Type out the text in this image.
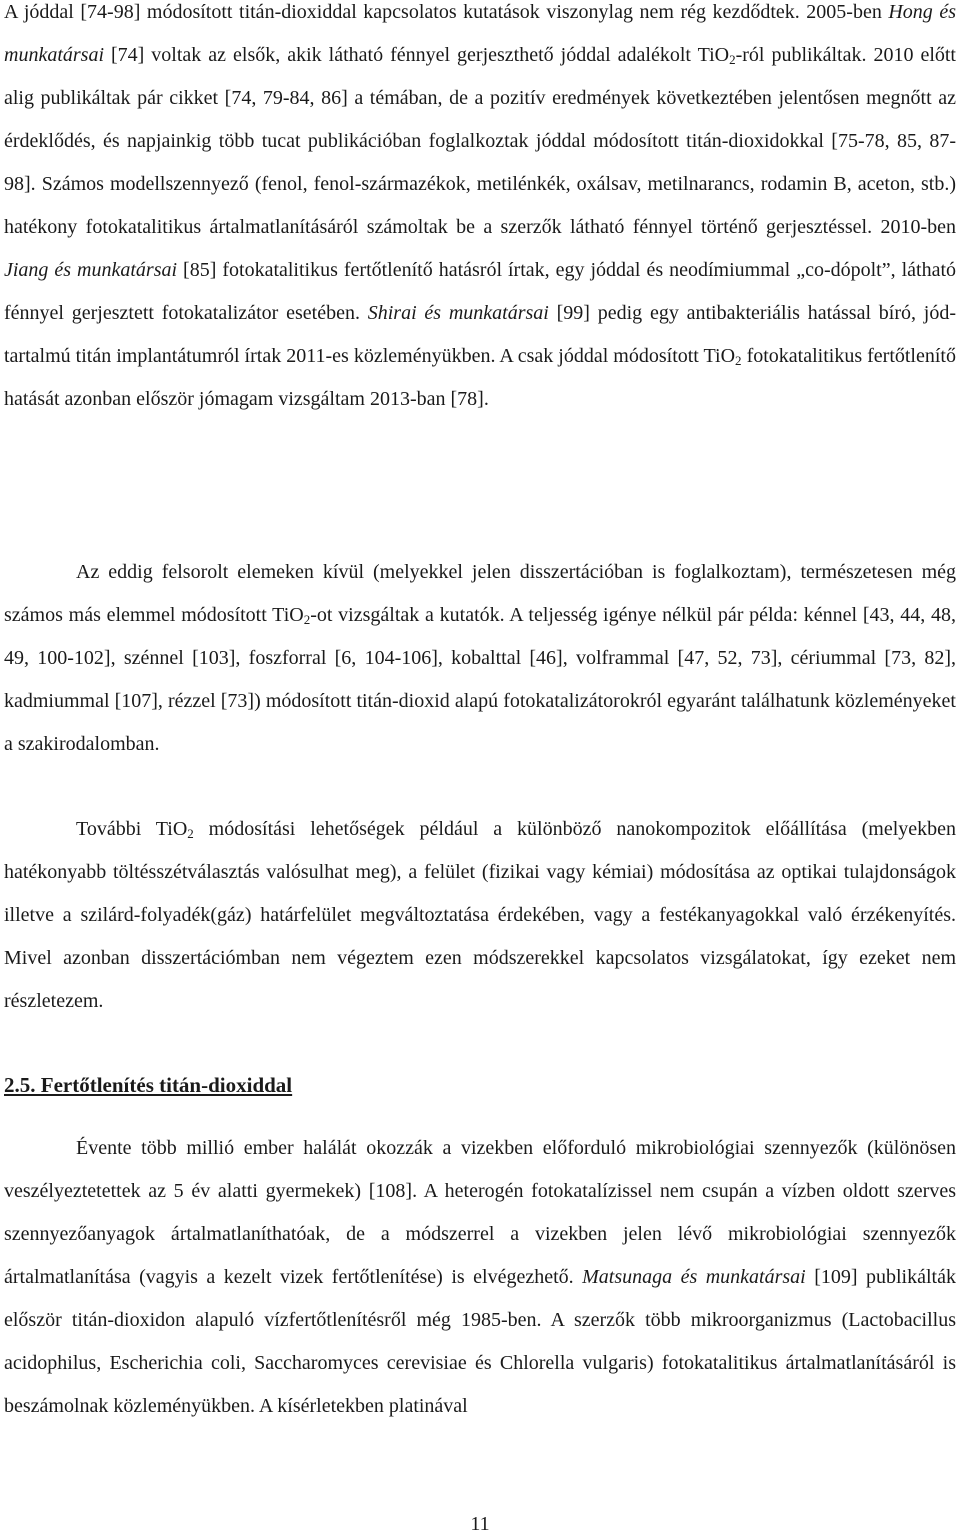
A jóddal [74-98] módosított titán-dioxiddal kapcsolatos kutatások viszonylag nem rég kezdődtek. 2005-ben Hong és munkatársai [74] voltak az elsők, akik látható fénnyel gerjeszthető jóddal adalékolt TiO$_2$-ról publikáltak. 2010 előtt alig publikáltak pár cikket [74, 79-84, 86] a témában, de a pozitív eredmények következtében jelentősen megnőtt az érdeklődés, és napjainkig több tucat publikációban foglalkoztak jóddal módosított titán-dioxidokkal [75-78, 85, 87-98]. Számos modellszennyező (fenol, fenol-származékok, metilénkék, oxálsav, metilnarancs, rodamin B, aceton, stb.) hatékony fotokatalitikus ártalmatlanításáról számoltak be a szerzők látható fénnyel történő gerjesztéssel. 2010-ben Jiang és munkatársai [85] fotokatalitikus fertőtlenítő hatásról írtak, egy jóddal és neodímiummal „co-dópolt”, látható fénnyel gerjesztett fotokatalizátor esetében. Shirai és munkatársai [99] pedig egy antibakteriális hatással bíró, jód-tartalmú titán implantátumról írtak 2011-es közleményükben. A csak jóddal módosított TiO$_2$ fotokatalitikus fertőtlenítő hatását azonban először jómagam vizsgáltam 2013-ban [78].

Az eddig felsorolt elemeken kívül (melyekkel jelen disszertációban is foglalkoztam), természetesen még számos más elemmel módosított TiO$_2$-ot vizsgáltak a kutatók. A teljesség igénye nélkül pár példa: kénnel [43, 44, 48, 49, 100-102], szénnel [103], foszforral [6, 104-106], kobalttal [46], volframmal [47, 52, 73], cériummal [73, 82], kadmiummal [107], rézzel [73]) módosított titán-dioxid alapú fotokatalizátorokról egyaránt találhatunk közleményeket a szakirodalomban.

További TiO$_2$ módosítási lehetőségek például a különböző nanokompozitok előállítása (melyekben hatékonyabb töltésszétválasztás valósulhat meg), a felület (fizikai vagy kémiai) módosítása az optikai tulajdonságok illetve a szilárd-folyadék(gáz) határfelület megváltoztatása érdekében, vagy a festékanyagokkal való érzékenyítés. Mivel azonban disszertációmban nem végeztem ezen módszerekkel kapcsolatos vizsgálatokat, így ezeket nem részletezem.

2.5. Fertőtlenítés titán-dioxiddal

Évente több millió ember halálát okozzák a vizekben előforduló mikrobiológiai szennyezők (különösen veszélyeztetettek az 5 év alatti gyermekek) [108]. A heterogén fotokatalízissel nem csupán a vízben oldott szerves szennyezőanyagok ártalmatlaníthatóak, de a módszerrel a vizekben jelen lévő mikrobiológiai szennyezők ártalmatlanítása (vagyis a kezelt vizek fertőtlenítése) is elvégezhető. Matsunaga és munkatársai [109] publikálták először titán-dioxidon alapuló vízfertőtlenítésről még 1985-ben. A szerzők több mikroorganizmus (Lactobacillus acidophilus, Escherichia coli, Saccharomyces cerevisiae és Chlorella vulgaris) fotokatalitikus ártalmatlanításáról is beszámolnak közleményükben. A kísérletekben platinával

11
